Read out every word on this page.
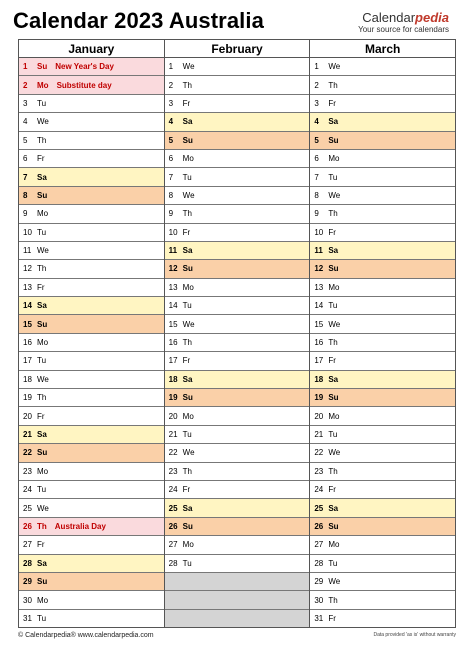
Calendar 2023 Australia	Calendarpedia
Your source for calendars
January
1	Su New Year's Day
2	Mo Substitute day
3	Tu
4	We
5	Th
6	Fr
7	Sa
8	Su
9	Mo
10 Tu
11 We
12 Th
13 Fr
14 Sa
15 Su
16 Mo
17 Tu
18 We
19 Th
20 Fr
21 Sa
22 Su
23 Mo
24 Tu
25 We
26 Th Australia Day
27 Fr
28 Sa
29 Su
30 Mo
31 Tu
February
1	We
2	Th
3	Fr
4	Sa
5	Su
6	Mo
7	Tu
8	We
9	Th
10 Fr
11 Sa
12 Su
13 Mo
14 Tu
15 We
16 Th
17 Fr
18 Sa
19 Su
20 Mo
21 Tu
22 We
23 Th
24 Fr
25 Sa
26 Su
27 Mo
28 Tu
March
1	We
2	Th
3	Fr
4	Sa
5	Su
6	Mo
7	Tu
8	We
9	Th
10 Fr
11 Sa
12 Su
13 Mo
14 Tu
15 We
16 Th
17 Fr
18 Sa
19 Su
20 Mo
21 Tu
22 We
23 Th
24 Fr
25 Sa
26 Su
27 Mo
28 Tu
29 We
30 Th
31 Fr
© Calendarpedia® www.calendarpedia.com	Data provided 'as is' without warranty
